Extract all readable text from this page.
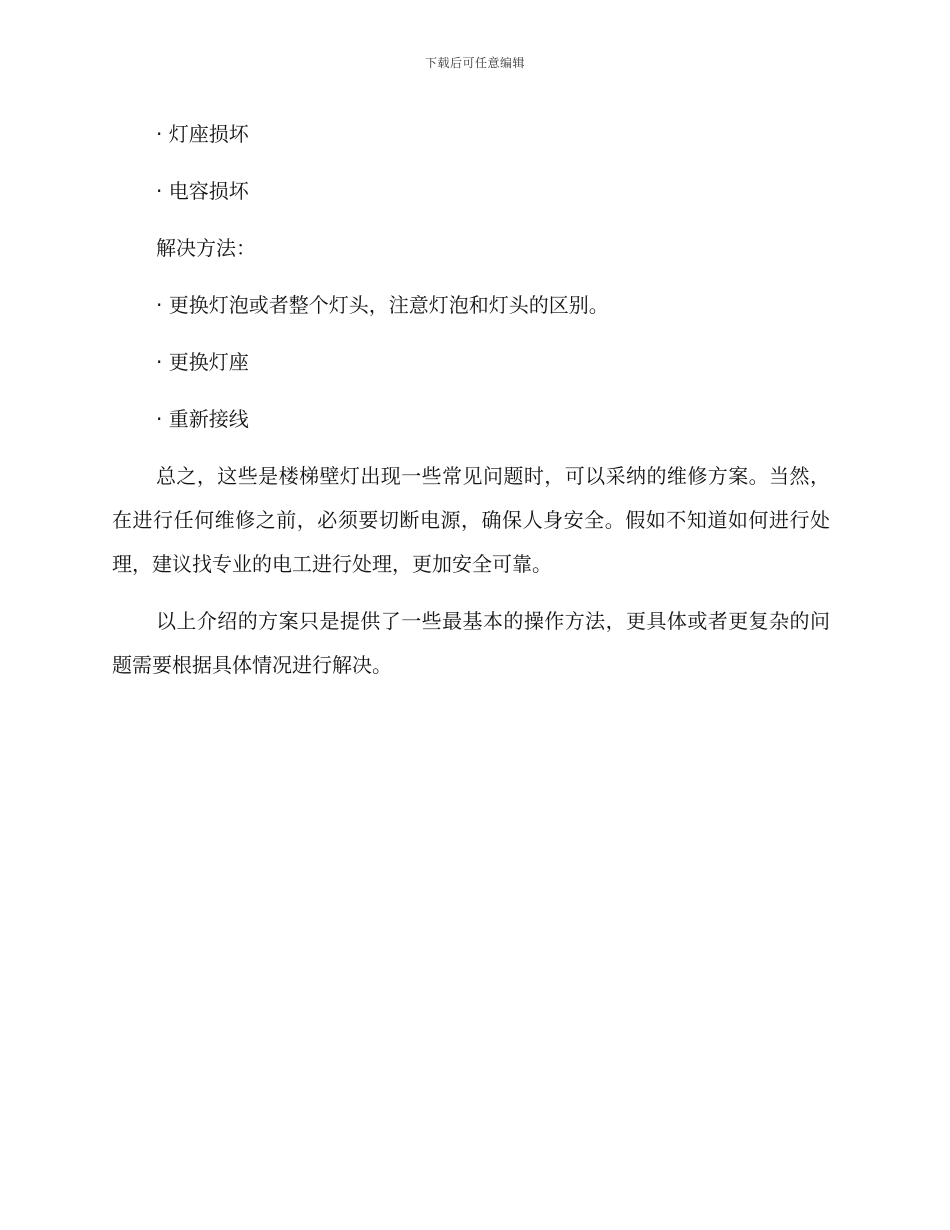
下载后可任意编辑
· 灯座损坏
· 电容损坏
解决方法：
· 更换灯泡或者整个灯头，注意灯泡和灯头的区别。
· 更换灯座
· 重新接线

总之，这些是楼梯壁灯出现一些常见问题时，可以采纳的维修方案。当然，在进行任何维修之前，必须要切断电源，确保人身安全。假如不知道如何进行处理，建议找专业的电工进行处理，更加安全可靠。

以上介绍的方案只是提供了一些最基本的操作方法，更具体或者更复杂的问题需要根据具体情况进行解决。
